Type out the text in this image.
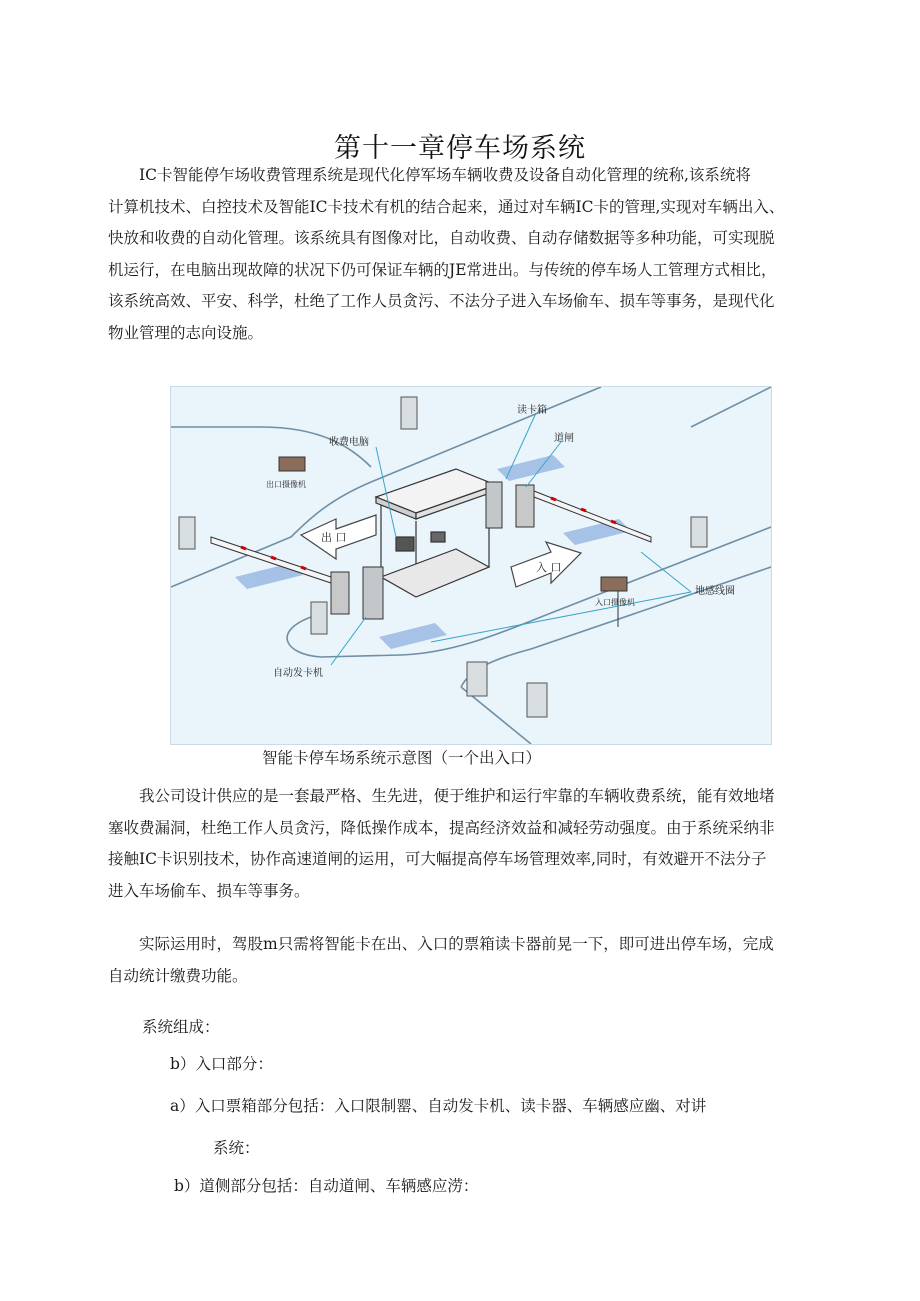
第十一章停车场系统

IC卡智能停乍场收费管理系统是现代化停军场车辆收费及设备自动化管理的统称,该系统将
计算机技术、白控技术及智能IC卡技术有机的结合起来，通过对车辆IC卡的管理,实现对车辆出入、
快放和收费的自动化管理。该系统具有图像对比，自动收费、自动存储数据等多种功能，可实现脱
机运行，在电脑出现故障的状况下仍可保证车辆的JE常进出。与传统的停车场人工管理方式相比，
该系统高效、平安、科学，杜绝了工作人员贪污、不法分子进入车场偷车、损车等事务，是现代化
物业管理的志向设施。

读卡箱
收费电脑	道闸
出口摄像机
出 口
入 口
入口摄像机
地感线圈
自动发卡机
智能卡停车场系统示意图（一个出入口）

我公司设计供应的是一套最严格、生先进，便于维护和运行牢靠的车辆收费系统，能有效地堵
塞收费漏洞，杜绝工作人员贪污，降低操作成本，提高经济效益和减轻劳动强度。由于系统采纳非
接触IC卡识别技术，协作高速道闸的运用，可大幅提高停车场管理效率,同时，有效避开不法分子
进入车场偷车、损车等事务。

实际运用时，驾股m只需将智能卡在出、入口的票箱读卡器前晃一下，即可进出停车场，完成
自动统计缴费功能。

系统组成：
b）入口部分：
a）入口票箱部分包括：入口限制罂、自动发卡机、读卡器、车辆感应幽、对讲
系统：
b）道侧部分包括：自动道闸、车辆感应涝：
